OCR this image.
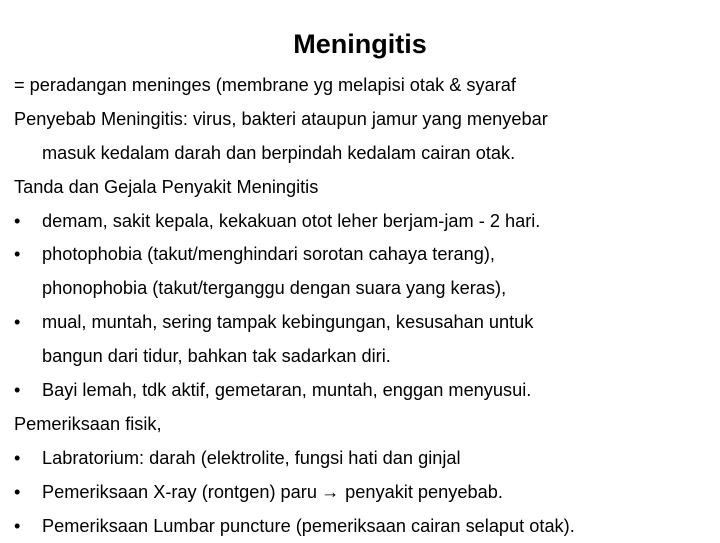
Meningitis
= peradangan meninges (membrane yg melapisi otak & syaraf
Penyebab Meningitis: virus, bakteri ataupun jamur yang menyebar
masuk kedalam darah dan berpindah kedalam cairan otak.
Tanda dan Gejala Penyakit Meningitis
•	demam, sakit kepala, kekakuan otot leher berjam-jam - 2 hari.
•	photophobia (takut/menghindari sorotan cahaya terang),
phonophobia (takut/terganggu dengan suara yang keras),
•	mual, muntah, sering tampak kebingungan, kesusahan untuk
bangun dari tidur, bahkan tak sadarkan diri.
•	Bayi lemah, tdk aktif, gemetaran, muntah, enggan menyusui.
Pemeriksaan fisik,
•	Labratorium: darah (elektrolite, fungsi hati dan ginjal
•	Pemeriksaan X-ray (rontgen) paru → penyakit penyebab.
•	Pemeriksaan Lumbar puncture (pemeriksaan cairan selaput otak).
